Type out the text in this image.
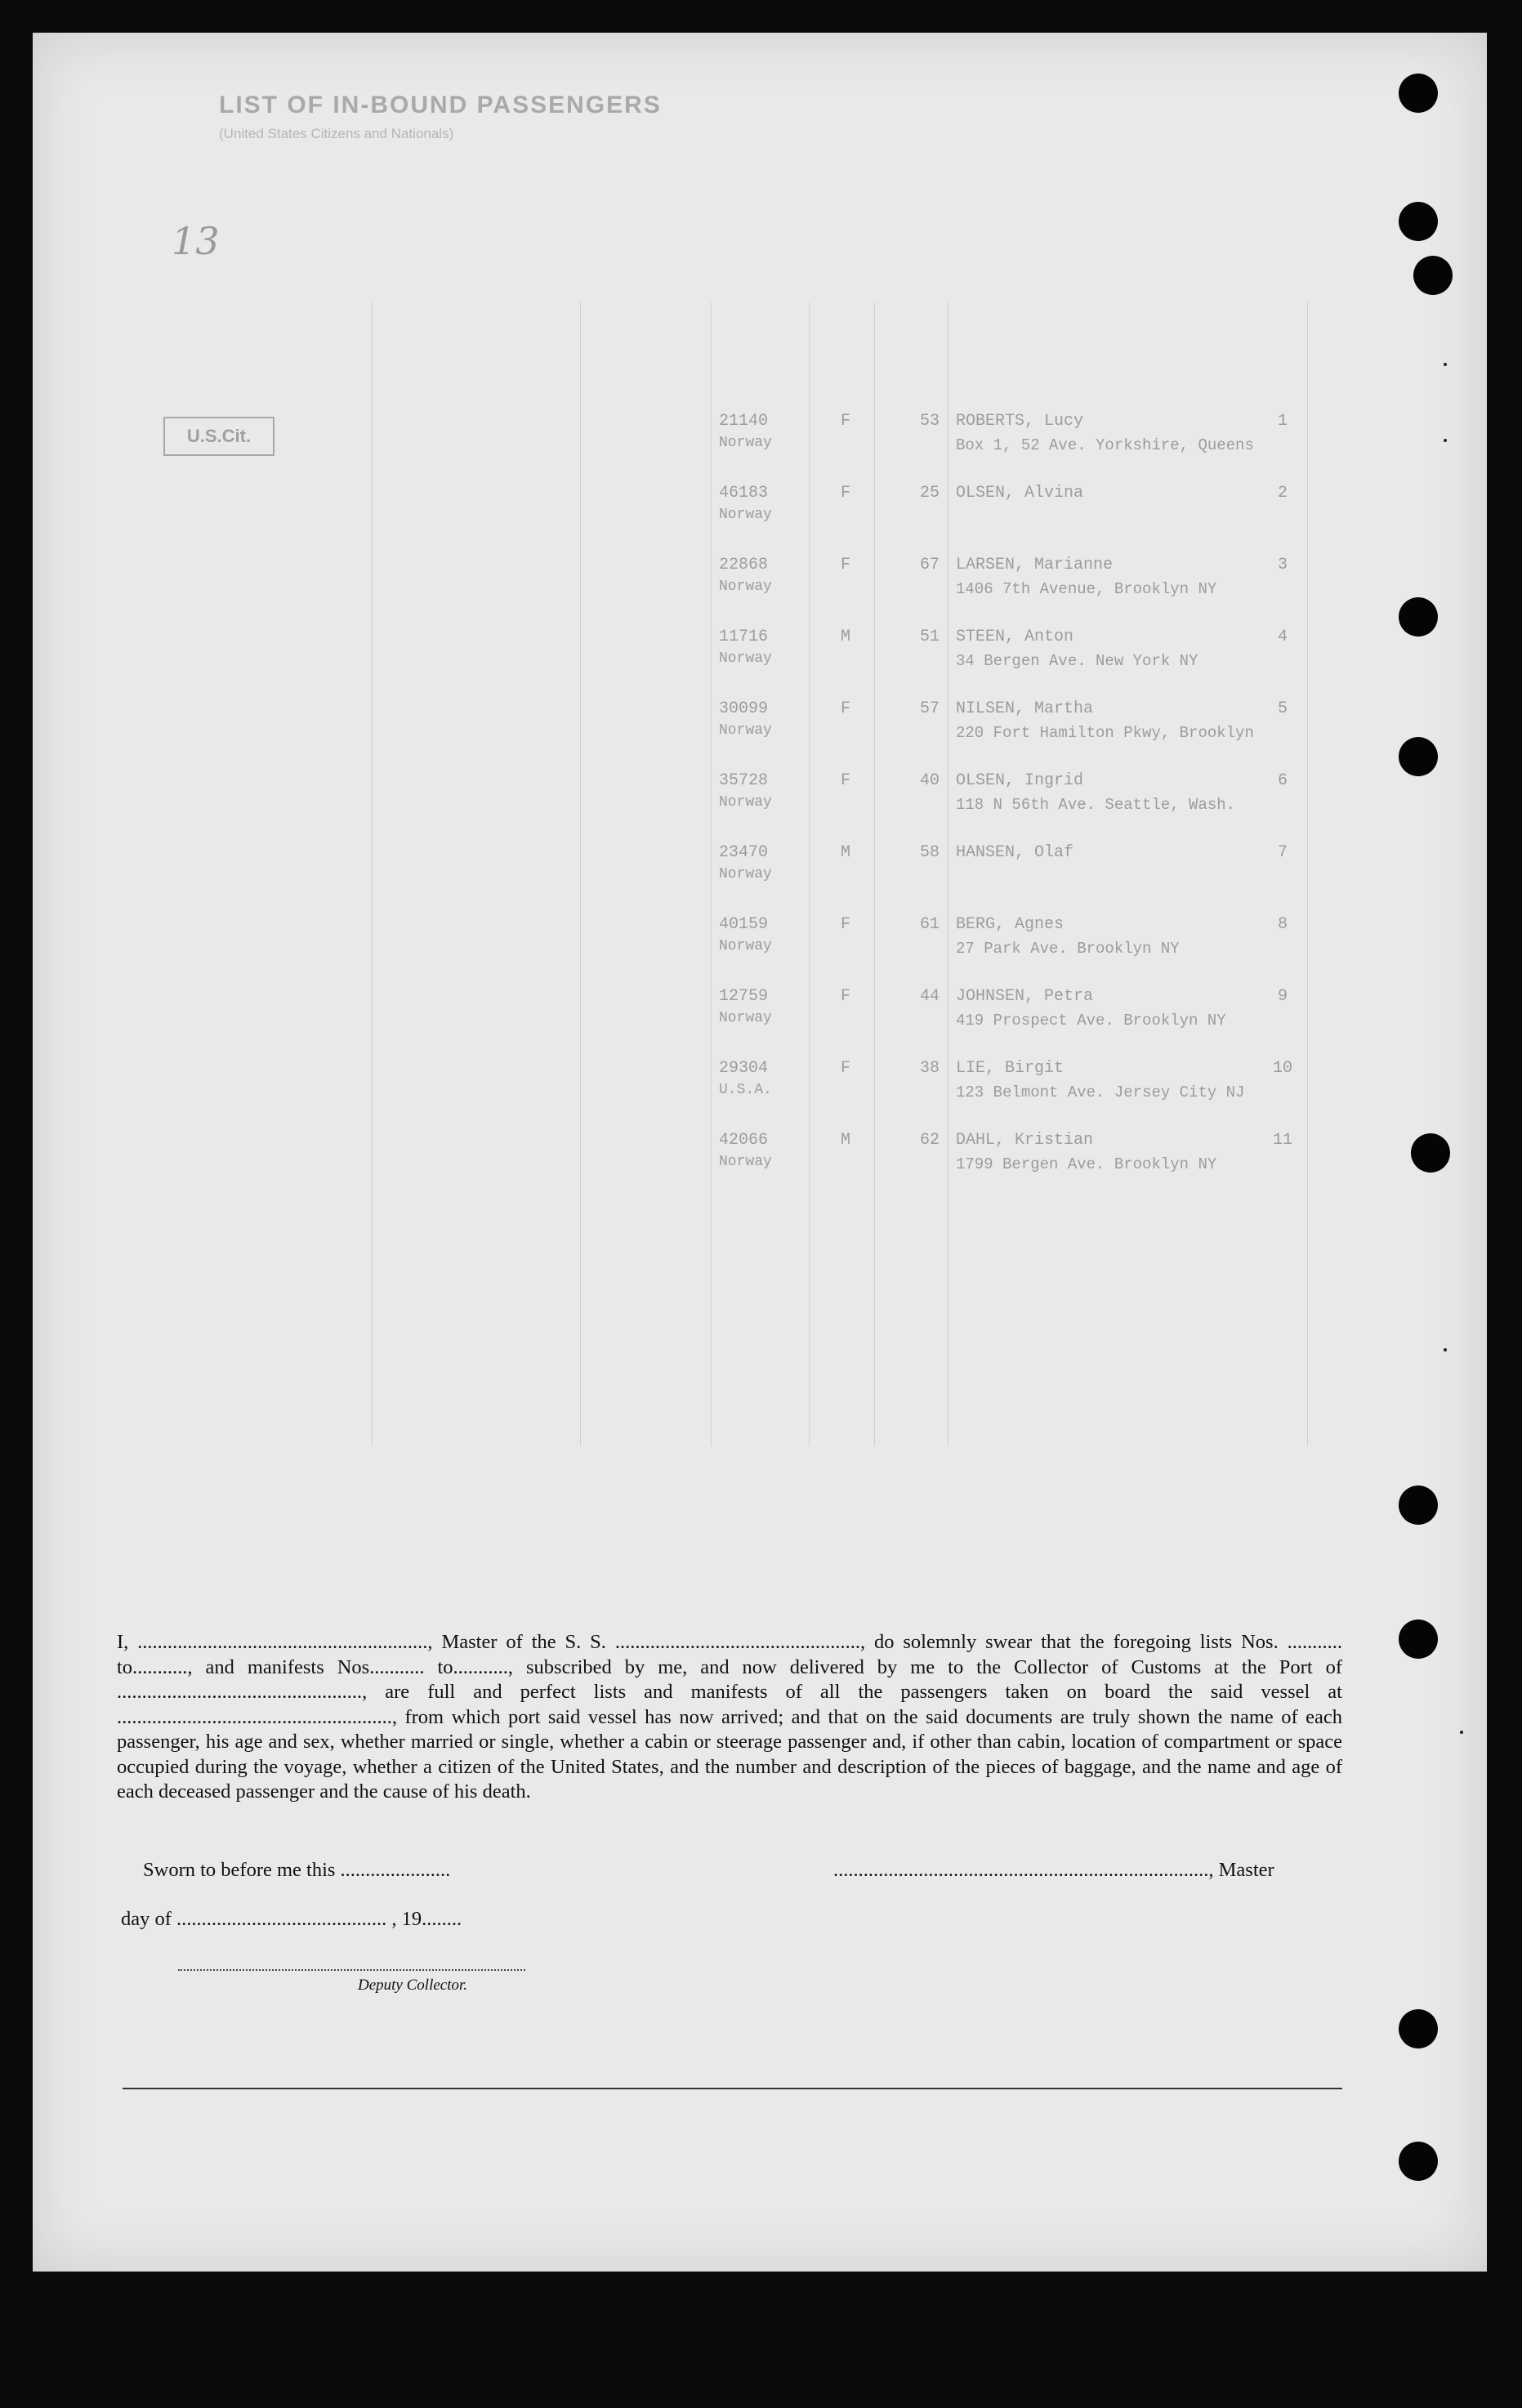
LIST OF IN-BOUND PASSENGERS
(United States Citizens and Nationals)
13
U.S.Cit.
1
ROBERTS, Lucy
Box 1, 52 Ave. Yorkshire, Queens
53
F
21140
Norway
2
OLSEN, Alvina
25
F
46183
Norway
3
LARSEN, Marianne
1406 7th Avenue, Brooklyn NY
67
F
22868
Norway
4
STEEN, Anton
34 Bergen Ave. New York NY
51
M
11716
Norway
5
NILSEN, Martha
220 Fort Hamilton Pkwy, Brooklyn
57
F
30099
Norway
6
OLSEN, Ingrid
118 N 56th Ave. Seattle, Wash.
40
F
35728
Norway
7
HANSEN, Olaf
58
M
23470
Norway
8
BERG, Agnes
27 Park Ave. Brooklyn NY
61
F
40159
Norway
9
JOHNSEN, Petra
419 Prospect Ave. Brooklyn NY
44
F
12759
Norway
10
LIE, Birgit
123 Belmont Ave. Jersey City NJ
38
F
29304
U.S.A.
11
DAHL, Kristian
1799 Bergen Ave. Brooklyn NY
62
M
42066
Norway

I, .........................................................., Master of the S. S. ................................................., do solemnly swear that the foregoing lists Nos. ........... to..........., and manifests Nos........... to..........., subscribed by me, and now delivered by me to the Collector of Customs at the Port of ................................................., are full and perfect lists and manifests of all the passengers taken on board the said vessel at ......................................................., from which port said vessel has now arrived; and that on the said documents are truly shown the name of each passenger, his age and sex, whether married or single, whether a cabin or steerage passenger and, if other than cabin, location of compartment or space occupied during the voyage, whether a citizen of the United States, and the number and description of the pieces of baggage, and the name and age of each deceased passenger and the cause of his death.

Sworn to before me this ......................	..........................................................................., Master
day of .......................................... , 19........
Deputy Collector.
